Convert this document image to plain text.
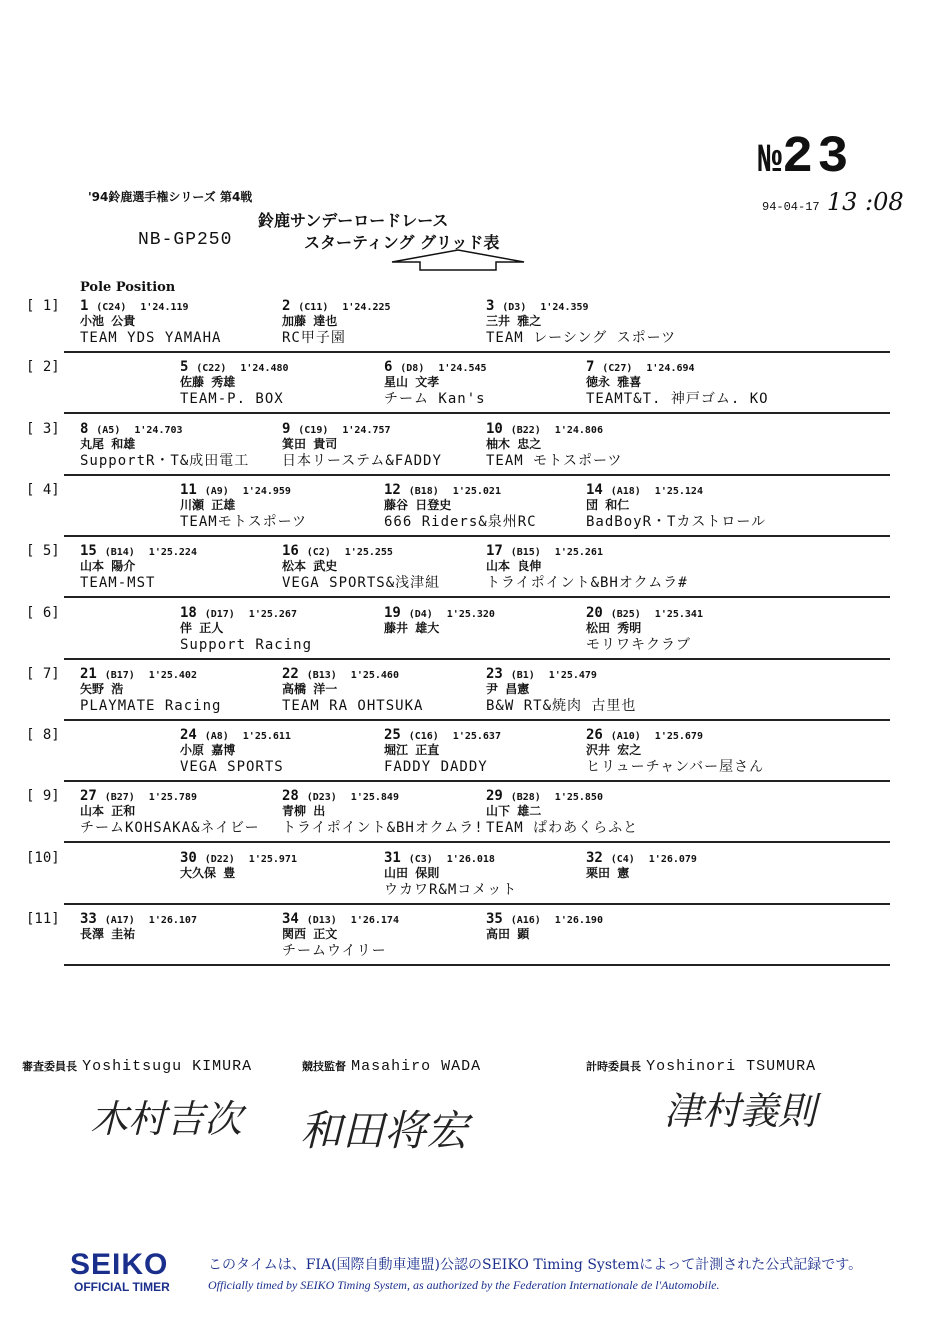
№23
94-04-17 13 :08
'94鈴鹿選手権シリーズ 第4戦
鈴鹿サンデーロードレース
NB-GP250	スターティング グリッド表
Pole Position
[ 1] 1 (C24) 1'24.119
小池 公貴
TEAM YDS YAMAHA
2 (C11) 1'24.225
加藤 達也
RC甲子園
3 (D3) 1'24.359
三井 雅之
TEAM レーシング スポーツ
[ 2]	5 (C22) 1'24.480
佐藤 秀雄
TEAM-P. BOX
6 (D8) 1'24.545
星山 文孝
チーム Kan's
7 (C27) 1'24.694
徳永 雅喜
TEAMT&T. 神戸ゴム. KO
[ 3] 8 (A5) 1'24.703
丸尾 和雄
SupportR・T&成田電工
9 (C19) 1'24.757
箕田 貴司
日本リーステム&FADDY
10 (B22) 1'24.806
柚木 忠之
TEAM モトスポーツ
[ 4]	11 (A9) 1'24.959
川瀬 正雄
TEAMモトスポーツ
12 (B18) 1'25.021
藤谷 日登史
666 Riders&泉州RC
14 (A18) 1'25.124
団 和仁
BadBoyR・Tカストロール
[ 5] 15 (B14) 1'25.224
山本 陽介
TEAM-MST
16 (C2) 1'25.255
松本 武史
VEGA SPORTS&浅津組
17 (B15) 1'25.261
山本 良伸
トライポイント&BHオクムラ#
[ 6]	18 (D17) 1'25.267
伴 正人
Support Racing
19 (D4) 1'25.320
藤井 雄大
20 (B25) 1'25.341
松田 秀明
モリワキクラブ
[ 7] 21 (B17) 1'25.402
矢野 浩
PLAYMATE Racing
22 (B13) 1'25.460
高橋 洋一
TEAM RA OHTSUKA
23 (B1) 1'25.479
尹 昌憲
B&W RT&焼肉 古里也
[ 8]	24 (A8) 1'25.611
小原 嘉博
VEGA SPORTS
25 (C16) 1'25.637
堀江 正直
FADDY DADDY
26 (A10) 1'25.679
沢井 宏之
ヒリューチャンバー屋さん
[ 9] 27 (B27) 1'25.789
山本 正和
チームKOHSAKA&ネイビー
28 (D23) 1'25.849
青柳 出
トライポイント&BHオクムラ!
29 (B28) 1'25.850
山下 雄二
TEAM ぱわあくらふと
[10]	30 (D22) 1'25.971
大久保 豊
31 (C3) 1'26.018
山田 保則
ウカワR&Mコメット
32 (C4) 1'26.079
栗田 憲
[11] 33 (A17) 1'26.107
長澤 圭祐
34 (D13) 1'26.174
関西 正文
チームウイリー
35 (A16) 1'26.190
高田 顕
審査委員長 Yoshitsugu KIMURA	競技監督 Masahiro WADA	計時委員長 Yoshinori TSUMURA
木村吉次 和田将宏	津村義則
SEIKO
OFFICIAL TIMER
このタイムは、FIA(国際自動車連盟)公認のSEIKO Timing Systemによって計測された公式記録です。
Officially timed by SEIKO Timing System, as authorized by the Federation Internationale de l'Automobile.
